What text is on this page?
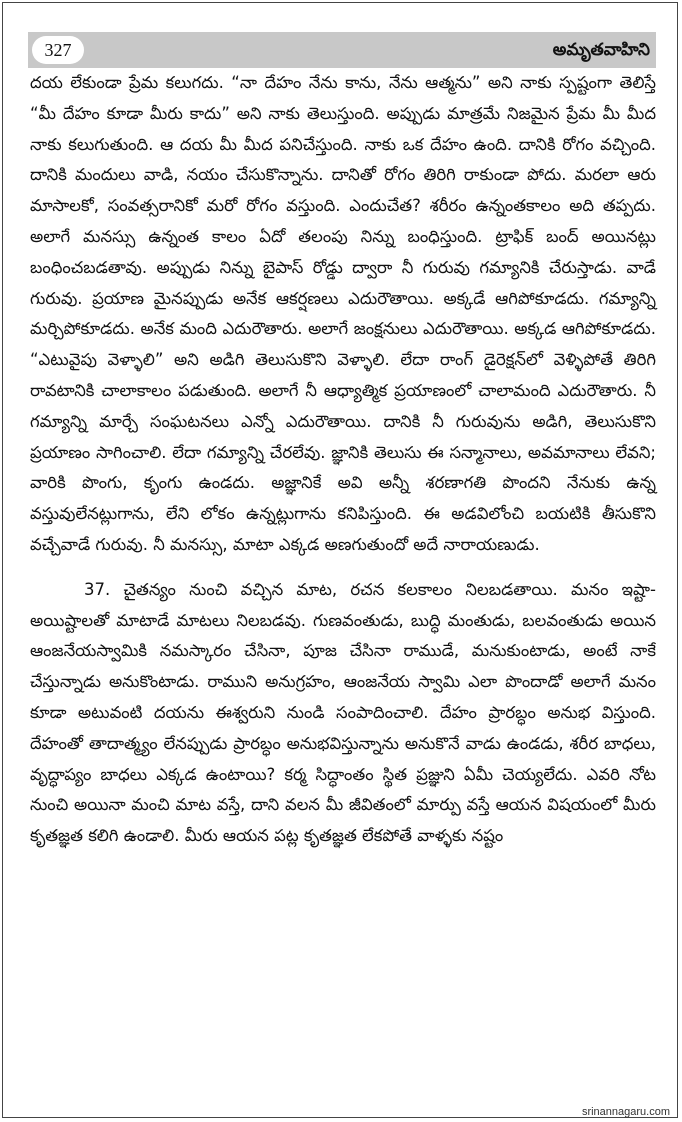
327	అమృతవాహిని

దయ లేకుండా ప్రేమ కలుగదు. “నా దేహం నేను కాను, నేను ఆత్మను” అని నాకు స్పష్టంగా తెలిస్తే “మీ దేహం కూడా మీరు కాదు” అని నాకు తెలుస్తుంది. అప్పుడు మాత్రమే నిజమైన ప్రేమ మీ మీద నాకు కలుగుతుంది. ఆ దయ మీ మీద పనిచేస్తుంది. నాకు ఒక దేహం ఉంది. దానికి రోగం వచ్చింది. దానికి మందులు వాడి, నయం చేసుకొన్నాను. దానితో రోగం తిరిగి రాకుండా పోదు. మరలా ఆరు మాసాలకో, సంవత్సరానికో మరో రోగం వస్తుంది. ఎందుచేత? శరీరం ఉన్నంతకాలం అది తప్పదు. అలాగే మనస్సు ఉన్నంత కాలం ఏదో తలంపు నిన్ను బంధిస్తుంది. ట్రాఫిక్ బంద్ అయినట్లు బంధించబడతావు. అప్పుడు నిన్ను బైపాస్ రోడ్డు ద్వారా నీ గురువు గమ్యానికి చేరుస్తాడు. వాడే గురువు. ప్రయాణ మైనప్పుడు అనేక ఆకర్షణలు ఎదురౌతాయి. అక్కడే ఆగిపోకూడదు. గమ్యాన్ని మర్చిపోకూడదు. అనేక మంది ఎదురౌతారు. అలాగే జంక్షనులు ఎదురౌతాయి. అక్కడ ఆగిపోకూడదు. “ఎటువైపు వెళ్ళాలి” అని అడిగి తెలుసుకొని వెళ్ళాలి. లేదా రాంగ్ డైరెక్షన్‌లో వెళ్ళిపోతే తిరిగి రావటానికి చాలాకాలం పడుతుంది. అలాగే నీ ఆధ్యాత్మిక ప్రయాణంలో చాలామంది ఎదురౌతారు. నీ గమ్యాన్ని మార్చే సంఘటనలు ఎన్నో ఎదురౌతాయి. దానికి నీ గురువును అడిగి, తెలుసుకొని ప్రయాణం సాగించాలి. లేదా గమ్యాన్ని చేరలేవు. జ్ఞానికి తెలుసు ఈ సన్మానాలు, అవమానాలు లేవని; వారికి పొంగు, కృంగు ఉండదు. అజ్ఞానికే అవి అన్నీ శరణాగతి పొందని నేనుకు ఉన్న వస్తువులేనట్లుగాను, లేని లోకం ఉన్నట్లుగాను కనిపిస్తుంది. ఈ అడవిలోంచి బయటికి తీసుకొని వచ్చేవాడే గురువు. నీ మనస్సు, మాటా ఎక్కడ అణగుతుందో అదే నారాయణుడు.

37. చైతన్యం నుంచి వచ్చిన మాట, రచన కలకాలం నిలబడతాయి. మనం ఇష్టా-అయిష్టాలతో మాటాడే మాటలు నిలబడవు. గుణవంతుడు, బుద్ధి మంతుడు, బలవంతుడు అయిన ఆంజనేయస్వామికి నమస్కారం చేసినా, పూజ చేసినా రాముడే, మనుకుంటాడు, అంటే నాకే చేస్తున్నాడు అనుకొంటాడు. రాముని అనుగ్రహం, ఆంజనేయ స్వామి ఎలా పొందాడో అలాగే మనం కూడా అటువంటి దయను ఈశ్వరుని నుండి సంపాదించాలి. దేహం ప్రారబ్ధం అనుభ విస్తుంది. దేహంతో తాదాత్మ్యం లేనప్పుడు ప్రారబ్ధం అనుభవిస్తున్నాను అనుకొనే వాడు ఉండడు, శరీర బాధలు, వృద్ధాప్యం బాధలు ఎక్కడ ఉంటాయి? కర్మ సిద్ధాంతం స్థిత ప్రజ్ఞుని ఏమీ చెయ్యలేదు. ఎవరి నోట నుంచి అయినా మంచి మాట వస్తే, దాని వలన మీ జీవితంలో మార్పు వస్తే ఆయన విషయంలో మీరు కృతజ్ఞత కలిగి ఉండాలి. మీరు ఆయన పట్ల కృతజ్ఞత లేకపోతే వాళ్ళకు నష్టం

srinannagaru.com
